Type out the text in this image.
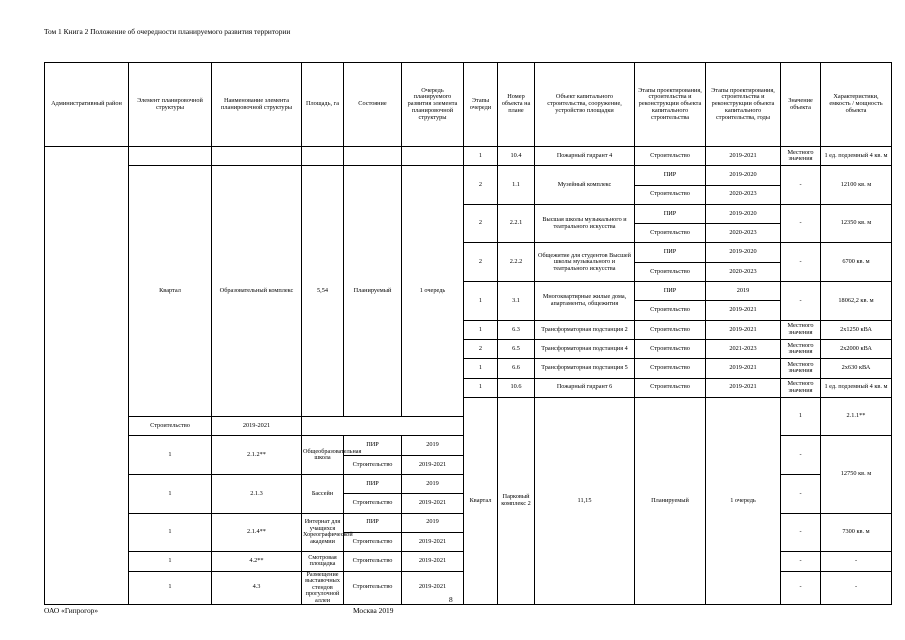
Том 1 Книга 2 Положение об очередности планируемого развития территории
Административный район	Элемент планировочной структуры	Наименование элемента планировочной структуры	Площадь, га	Состояние	Очередь планируемого развития элемента планировочной структуры	Этапы очереди	Номер объекта на плане	Объект капитального строительства, сооружение, устройство площадки	Этапы проектирования, строительства и реконструкции объекта капитального строительства	Этапы проектирования, строительства и реконструкции объекта капитального строительства, годы	Значение объекта	Характеристики, емкость / мощность объекта	
						1	10.4	Пожарный гидрант 4	Строительство	2019-2021	Местного значения	1 ед. подземный 4 кв. м	
	Квартал	Образовательный комплекс	5,54	Планируемый	1 очередь	2	1.1	Музейный комплекс	ПИР	2019-2020	-	12100 кв. м	
									Строительство	2020-2023			
						2	2.2.1	Высшая школы музыкального и театрального искусства	ПИР	2019-2020	-	12350 кв. м	
									Строительство	2020-2023			
						2	2.2.2	Общежитие для студентов Высшей школы музыкального и театрального искусства	ПИР	2019-2020	-	6700 кв. м	
									Строительство	2020-2023			
						1	3.1	Многоквартирные жилые дома, апартаменты, общежития	ПИР	2019	-	18062,2 кв. м	
									Строительство	2019-2021			
						1	6.3	Трансформаторная подстанция 2	Строительство	2019-2021	Местного значения	2x1250 кВА	
						2	6.5	Трансформаторная подстанция 4	Строительство	2021-2023	Местного значения	2x2000 кВА	
						1	6.6	Трансформаторная подстанция 5	Строительство	2019-2021	Местного значения	2x630 кВА	
						1	10.6	Пожарный гидрант 6	Строительство	2019-2021	Местного значения	1 ед. подземный 4 кв. м	
						Квартал	Парковый комплекс 2	11,15	Планируемый	1 очередь	1	2.1.1**					
	Строительство	2019-2021											
	1	2.1.2**	Общеобразовательная школа	ПИР	2019						-	12750 кв. м	
				Строительство	2019-2021								
	1	2.1.3	Бассейн	ПИР	2019						-		
				Строительство	2019-2021								
	1	2.1.4**	Интернат для учащихся Хореографической академии	ПИР	2019						-	7300 кв. м	
				Строительство	2019-2021								
	1	4.2**	Смотровая площадка	Строительство	2019-2021						-	-	
	1	4.3	Размещение выставочных стендов прогулочной аллеи	Строительство	2019-2021						-	-	
8
ОАО «Гипрогор»	Москва 2019
